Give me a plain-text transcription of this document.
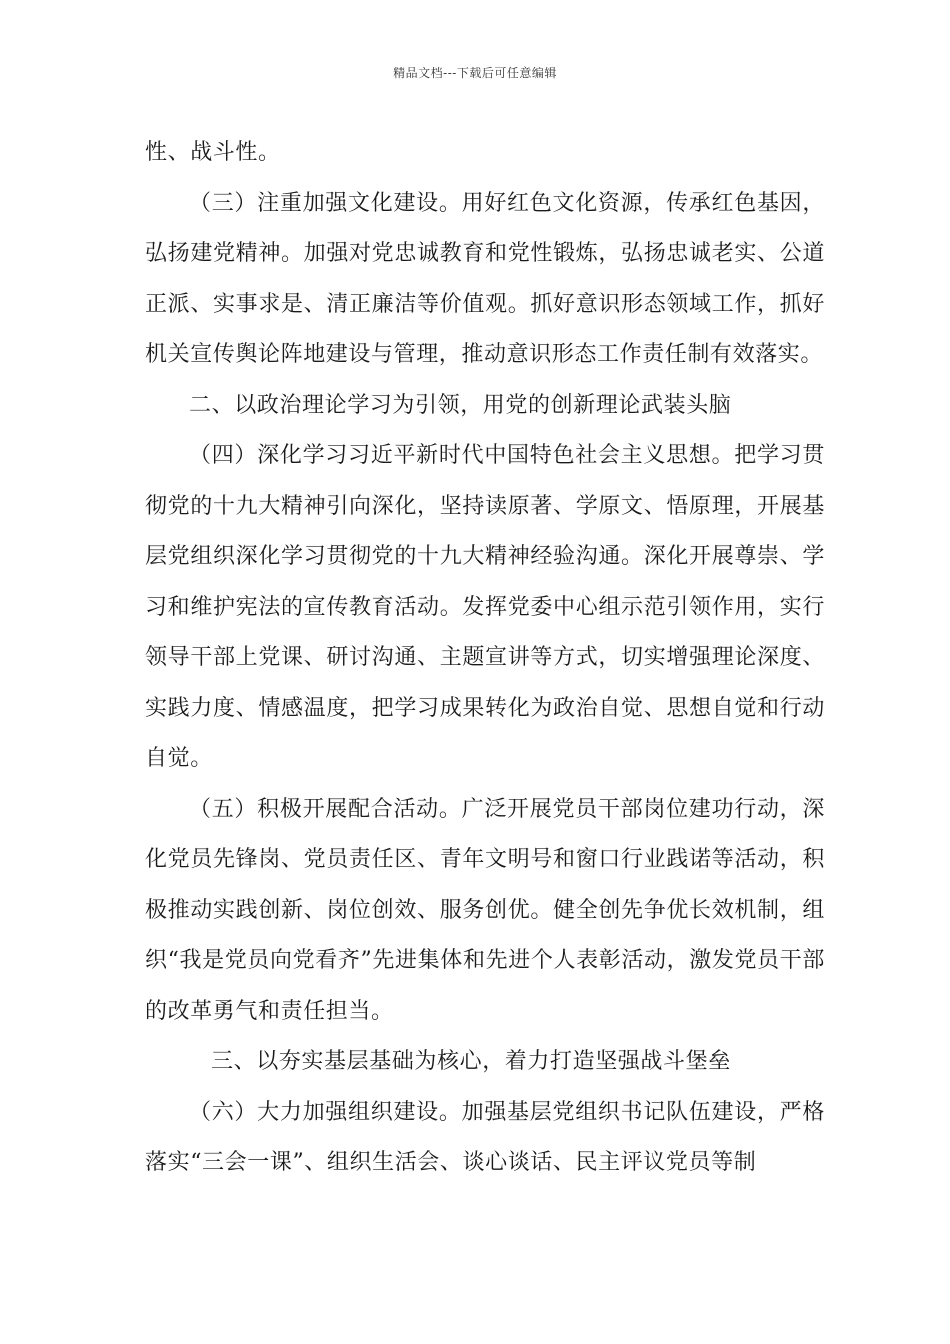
精品文档---下载后可任意编辑

性、战斗性。

（三）注重加强文化建设。用好红色文化资源，传承红色基因，弘扬建党精神。加强对党忠诚教育和党性锻炼，弘扬忠诚老实、公道正派、实事求是、清正廉洁等价值观。抓好意识形态领域工作，抓好机关宣传舆论阵地建设与管理，推动意识形态工作责任制有效落实。

二、以政治理论学习为引领，用党的创新理论武装头脑

（四）深化学习习近平新时代中国特色社会主义思想。把学习贯彻党的十九大精神引向深化，坚持读原著、学原文、悟原理，开展基层党组织深化学习贯彻党的十九大精神经验沟通。深化开展尊崇、学习和维护宪法的宣传教育活动。发挥党委中心组示范引领作用，实行领导干部上党课、研讨沟通、主题宣讲等方式，切实增强理论深度、实践力度、情感温度，把学习成果转化为政治自觉、思想自觉和行动自觉。

（五）积极开展配合活动。广泛开展党员干部岗位建功行动，深化党员先锋岗、党员责任区、青年文明号和窗口行业践诺等活动，积极推动实践创新、岗位创效、服务创优。健全创先争优长效机制，组织“我是党员向党看齐”先进集体和先进个人表彰活动，激发党员干部的改革勇气和责任担当。

三、以夯实基层基础为核心，着力打造坚强战斗堡垒

（六）大力加强组织建设。加强基层党组织书记队伍建设，严格落实“三会一课”、组织生活会、谈心谈话、民主评议党员等制
